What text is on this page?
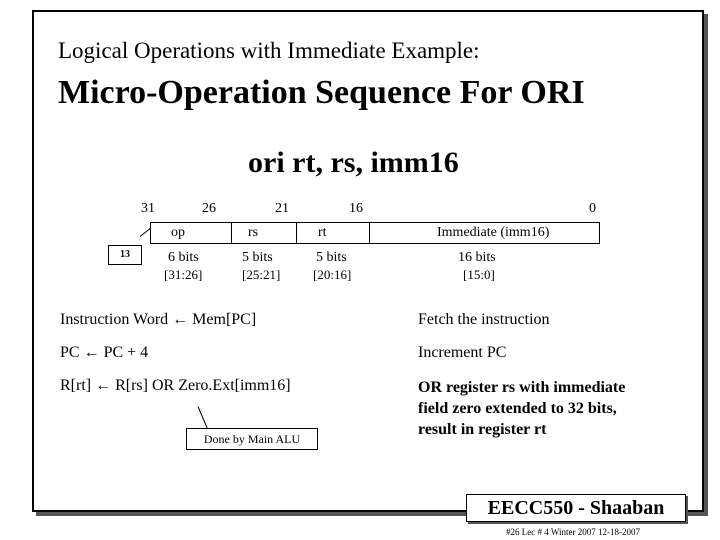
Logical Operations with Immediate Example:
Micro-Operation Sequence For ORI
ori rt, rs, imm16
31	26	21	16	0
op	rs	rt	Immediate (imm16)
6 bits	5 bits	5 bits	16 bits
[31:26]	[25:21]	[20:16]	[15:0]
13
Instruction Word ← Mem[PC]	Fetch the instruction
PC ← PC + 4	Increment PC
R[rt] ← R[rs] OR Zero.Ext[imm16]	OR register rs with immediate
field zero extended to 32 bits,
result in register rt
Done by Main ALU
EECC550 - Shaaban
#26 Lec # 4 Winter 2007 12-18-2007
